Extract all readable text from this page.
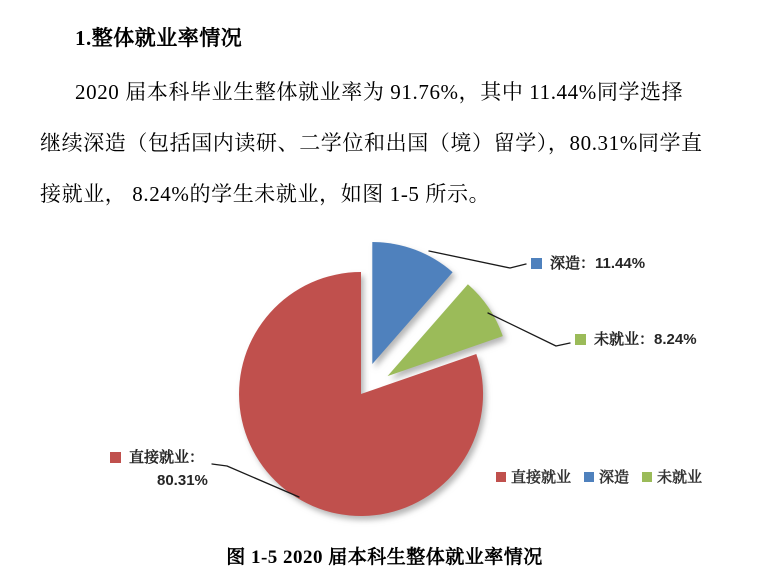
1.整体就业率情况
2020 届本科毕业生整体就业率为 91.76%，其中 11.44%同学选择
继续深造（包括国内读研、二学位和出国（境）留学），80.31%同学直
接就业， 8.24%的学生未就业，如图 1-5 所示。
直接就业：
80.31%
深造：11.44%
未就业：8.24%
直接就业 深造 未就业
图 1-5 2020 届本科生整体就业率情况
